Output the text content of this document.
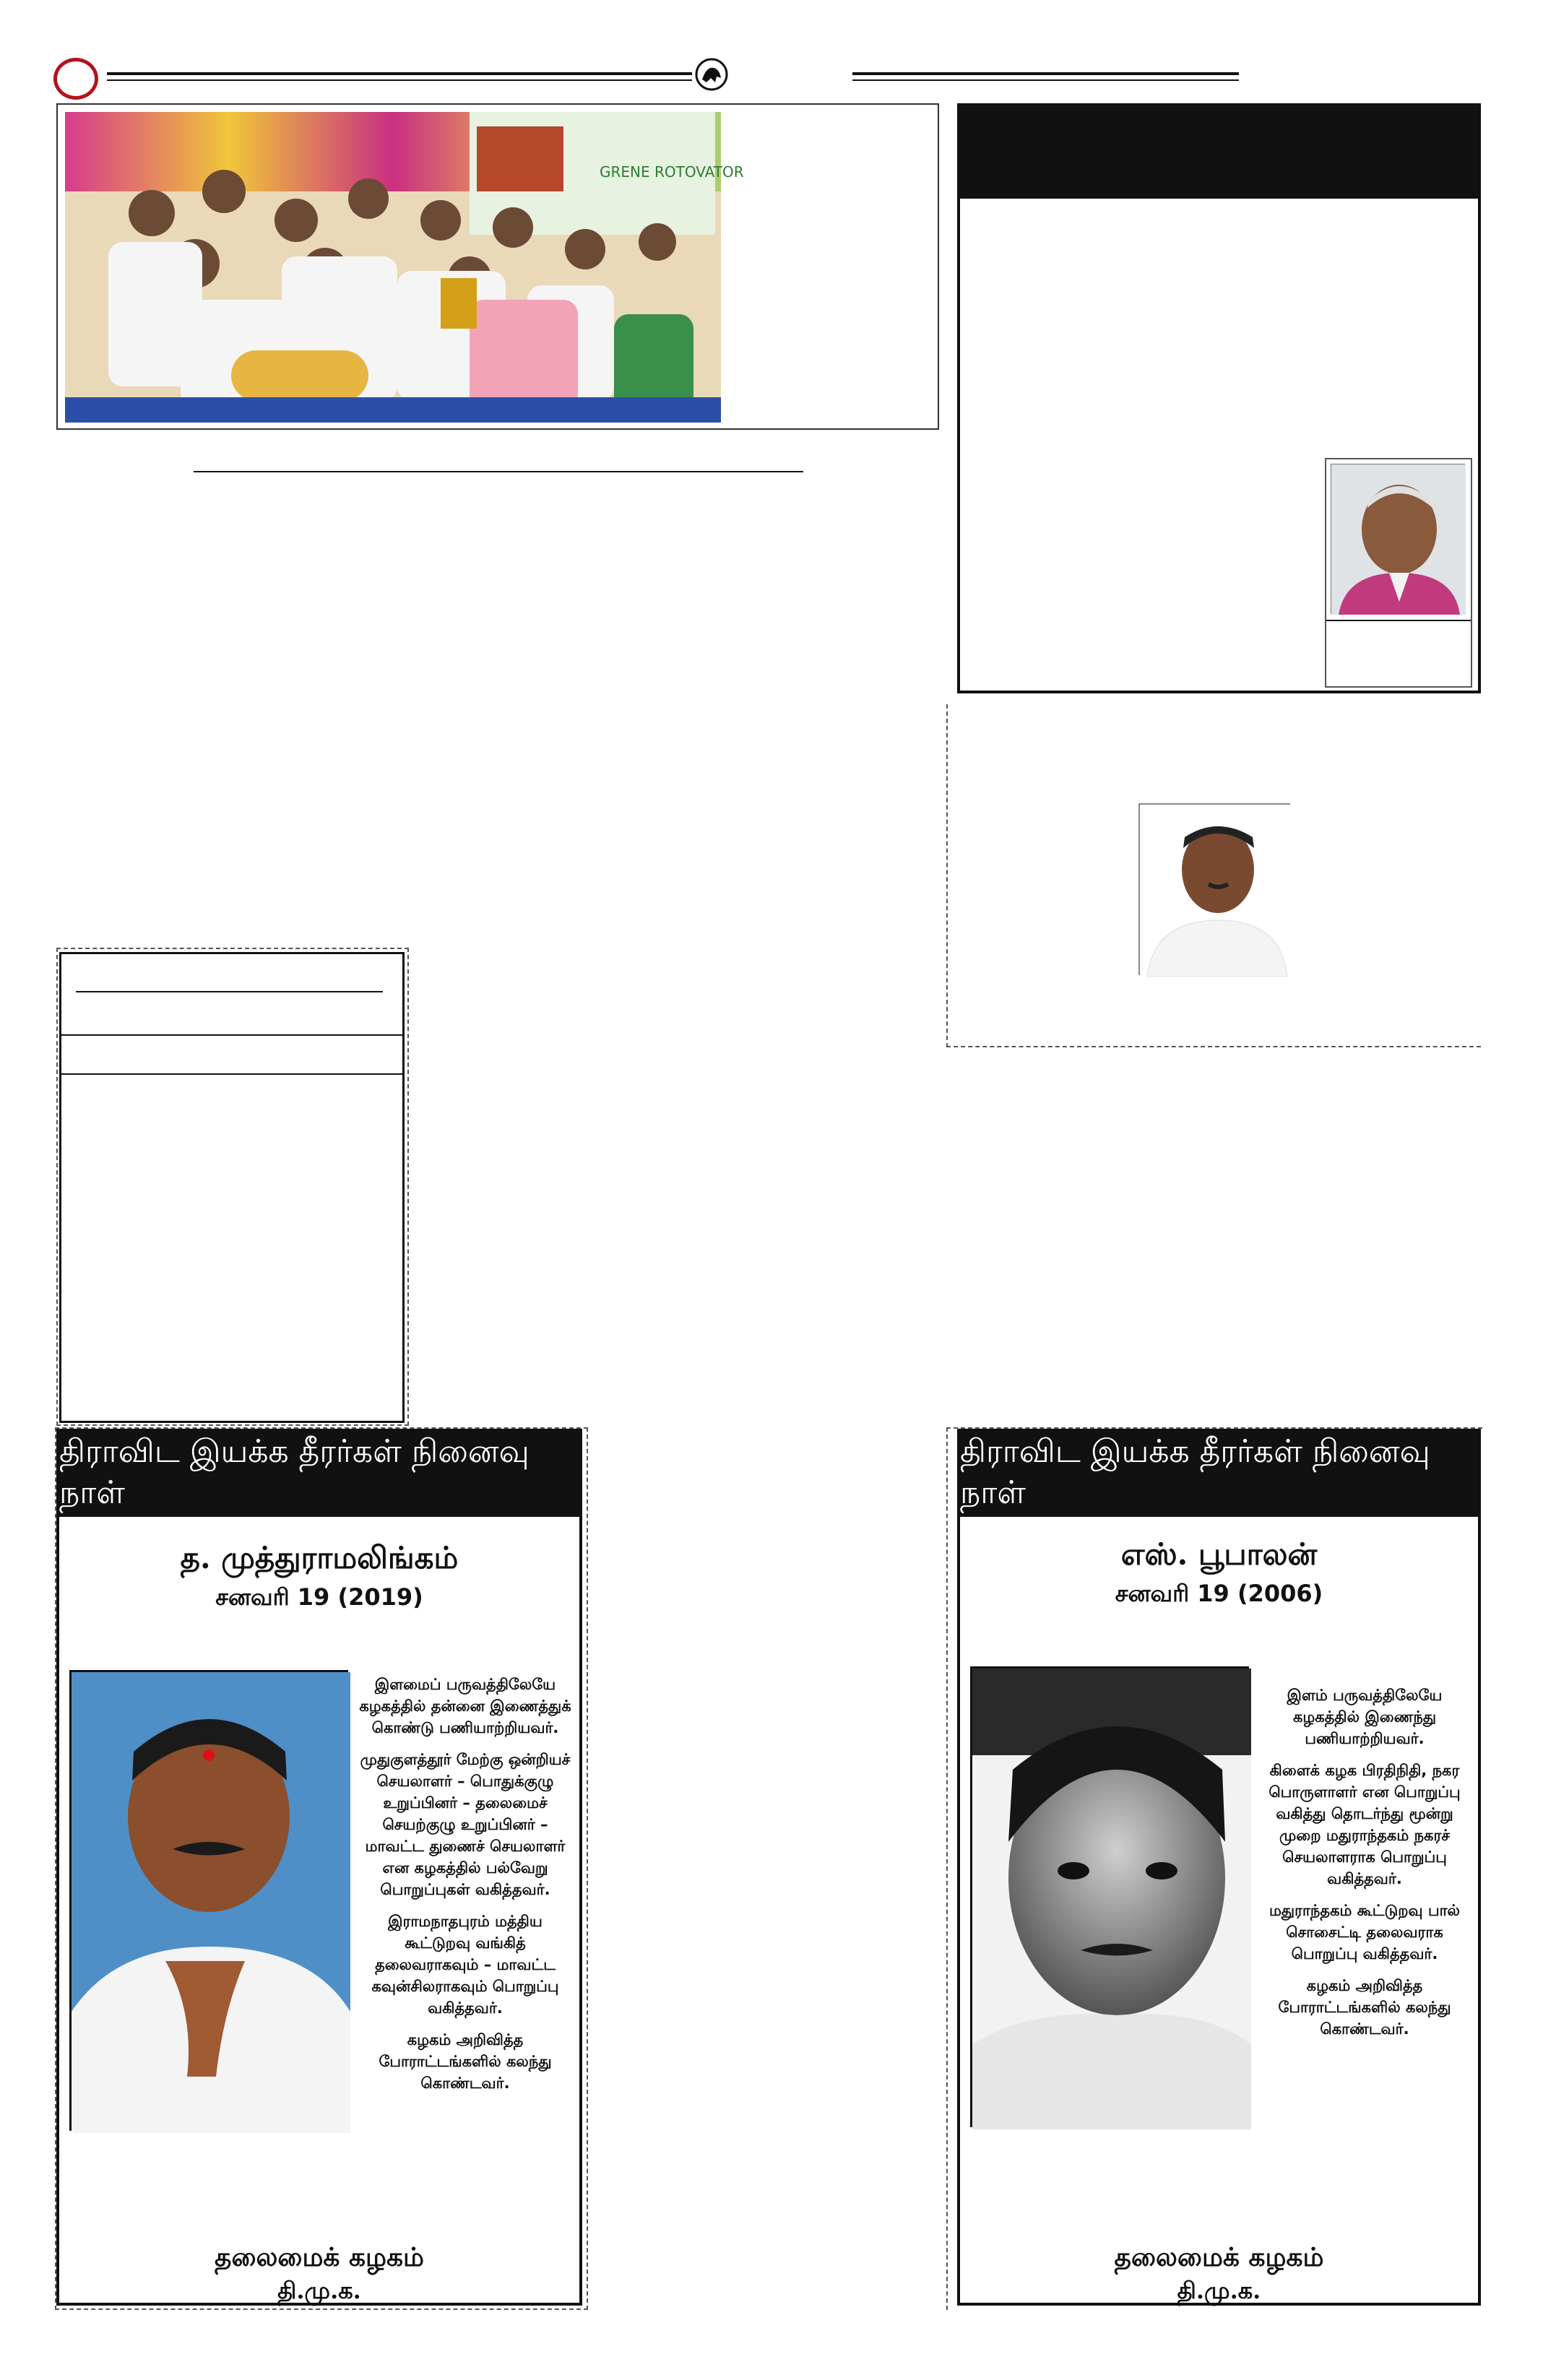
GRENE ROTOVATOR
திராவிட இயக்க தீரர்கள் நினைவு நாள்
த. முத்துராமலிங்கம்
சனவரி 19 (2019)

இளமைப் பருவத்திலேயே கழகத்தில் தன்னை இணைத்துக் கொண்டு பணியாற்றியவர்.

முதுகுளத்தூர் மேற்கு ஒன்றியச் செயலாளர் – பொதுக்குழு உறுப்பினர் – தலைமைச் செயற்குழு உறுப்பினர் – மாவட்ட துணைச் செயலாளர் என கழகத்தில் பல்வேறு பொறுப்புகள் வகித்தவர்.

இராமநாதபுரம் மத்திய கூட்டுறவு வங்கித் தலைவராகவும் – மாவட்ட கவுன்சிலராகவும் பொறுப்பு வகித்தவர்.

கழகம் அறிவித்த போராட்டங்களில் கலந்து கொண்டவர்.

தலைமைக் கழகம்
தி.மு.க.
திராவிட இயக்க தீரர்கள் நினைவு நாள்
எஸ். பூபாலன்
சனவரி 19 (2006)

இளம் பருவத்திலேயே கழகத்தில் இணைந்து பணியாற்றியவர்.

கிளைக் கழக பிரதிநிதி, நகர பொருளாளர் என பொறுப்பு வகித்து தொடர்ந்து மூன்று முறை மதுராந்தகம் நகரச் செயலாளராக பொறுப்பு வகித்தவர்.

மதுராந்தகம் கூட்டுறவு பால் சொசைட்டி தலைவராக பொறுப்பு வகித்தவர்.

கழகம் அறிவித்த போராட்டங்களில் கலந்து கொண்டவர்.

தலைமைக் கழகம்
தி.மு.க.
